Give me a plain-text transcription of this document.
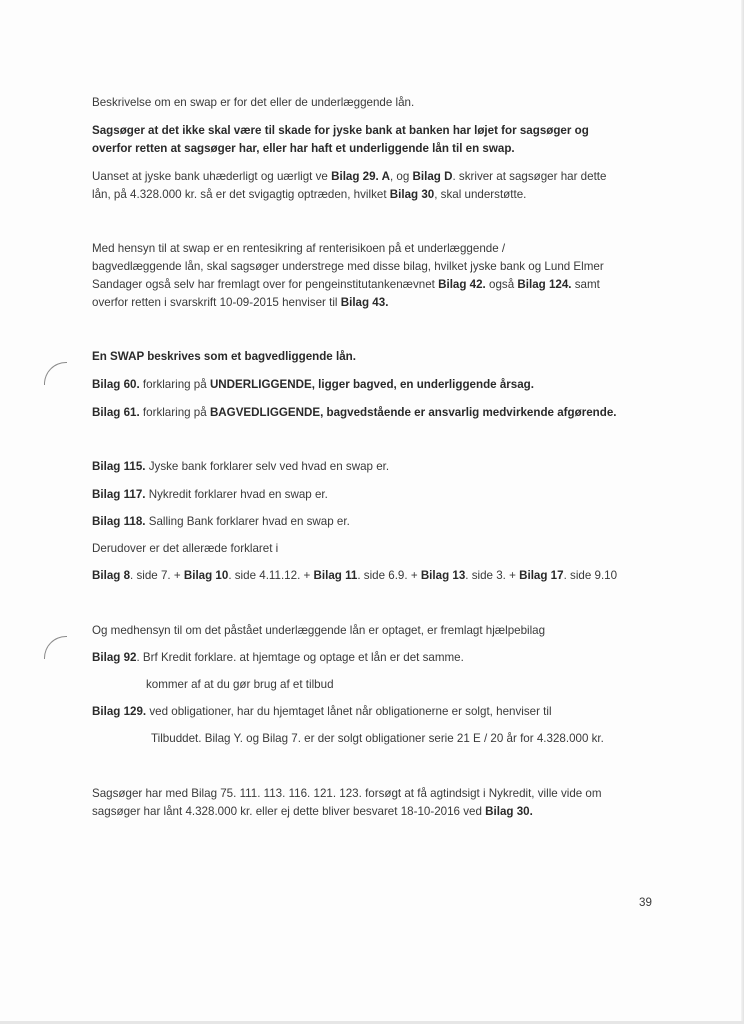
Beskrivelse om en swap er for det eller de underlæggende lån.

Sagsøger at det ikke skal være til skade for jyske bank at banken har løjet for sagsøger og

overfor retten at sagsøger har, eller har haft et underliggende lån til en swap.

Uanset at jyske bank uhæderligt og uærligt ve Bilag 29. A, og Bilag D. skriver at sagsøger har dette

lån, på 4.328.000 kr. så er det svigagtig optræden, hvilket Bilag 30, skal understøtte.

Med hensyn til at swap er en rentesikring af renterisikoen på et underlæggende /

bagvedlæggende lån, skal sagsøger understrege med disse bilag, hvilket jyske bank og Lund Elmer

Sandager også selv har fremlagt over for pengeinstitutankenævnet Bilag 42. også Bilag 124. samt

overfor retten i svarskrift 10-09-2015 henviser til Bilag 43.

En SWAP beskrives som et bagvedliggende lån.

Bilag 60. forklaring på UNDERLIGGENDE, ligger bagved, en underliggende årsag.

Bilag 61. forklaring på BAGVEDLIGGENDE, bagvedstående er ansvarlig medvirkende afgørende.

Bilag 115. Jyske bank forklarer selv ved hvad en swap er.

Bilag 117. Nykredit forklarer hvad en swap er.

Bilag 118. Salling Bank forklarer hvad en swap er.

Derudover er det alleræde forklaret i

Bilag 8. side 7. + Bilag 10. side 4.11.12. + Bilag 11. side 6.9. + Bilag 13. side 3. + Bilag 17. side 9.10

Og medhensyn til om det påstået underlæggende lån er optaget, er fremlagt hjælpebilag

Bilag 92. Brf Kredit forklare. at hjemtage og optage et lån er det samme.

kommer af at du gør brug af et tilbud

Bilag 129. ved obligationer, har du hjemtaget lånet når obligationerne er solgt, henviser til

Tilbuddet. Bilag Y. og Bilag 7. er der solgt obligationer serie 21 E / 20 år for 4.328.000 kr.

Sagsøger har med Bilag 75. 111. 113. 116. 121. 123. forsøgt at få agtindsigt i Nykredit, ville vide om

sagsøger har lånt 4.328.000 kr. eller ej dette bliver besvaret 18-10-2016 ved Bilag 30.

39
